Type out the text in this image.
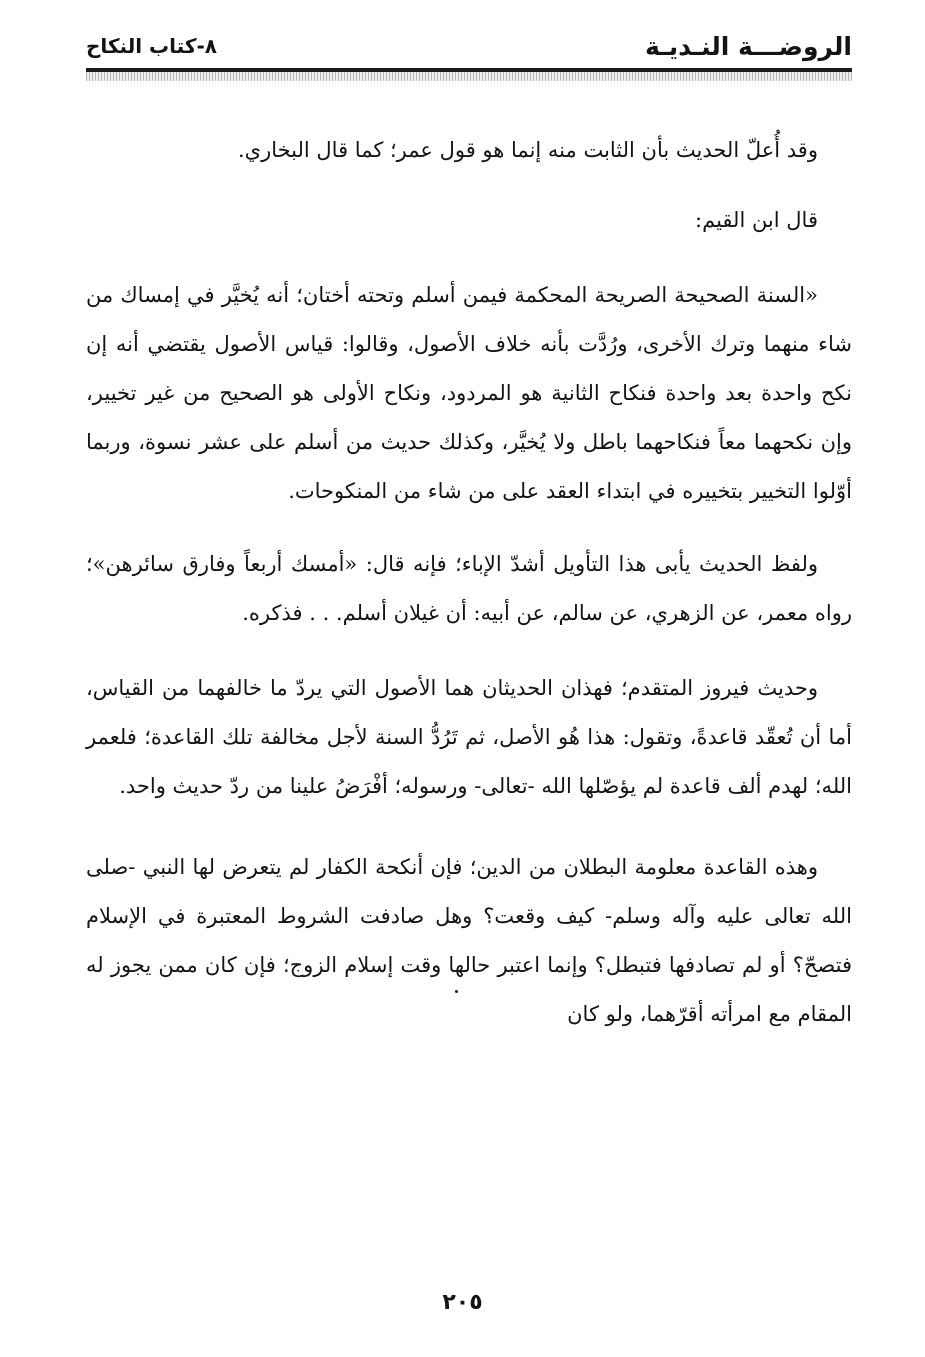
الروضـــة النـديـة
٨-كتاب النكاح

وقد أُعلّ الحديث بأن الثابت منه إنما هو قول عمر؛ كما قال البخاري.

قال ابن القيم:

«السنة الصحيحة الصريحة المحكمة فيمن أسلم وتحته أختان؛ أنه يُخيَّر في إمساك من شاء منهما وترك الأخرى، ورُدَّت بأنه خلاف الأصول، وقالوا: قياس الأصول يقتضي أنه إن نكح واحدة بعد واحدة فنكاح الثانية هو المردود، ونكاح الأولى هو الصحيح من غير تخيير، وإن نكحهما معاً فنكاحهما باطل ولا يُخيَّر، وكذلك حديث من أسلم على عشر نسوة، وربما أوّلوا التخيير بتخييره في ابتداء العقد على من شاء من المنكوحات.

ولفظ الحديث يأبى هذا التأويل أشدّ الإباء؛ فإنه قال: «أمسك أربعاً وفارق سائرهن»؛ رواه معمر، عن الزهري، عن سالم، عن أبيه: أن غيلان أسلم. . . فذكره.

وحديث فيروز المتقدم؛ فهذان الحديثان هما الأصول التي يردّ ما خالفهما من القياس، أما أن تُعقّد قاعدةً، وتقول: هذا هُو الأصل، ثم تَرُدُّ السنة لأجل مخالفة تلك القاعدة؛ فلعمر الله؛ لهدم ألف قاعدة لم يؤصّلها الله -تعالى- ورسوله؛ أفْرَضُ علينا من ردّ حديث واحد.

وهذه القاعدة معلومة البطلان من الدين؛ فإن أنكحة الكفار لم يتعرض لها النبي -صلى الله تعالى عليه وآله وسلم- كيف وقعت؟ وهل صادفت الشروط المعتبرة في الإسلام فتصحّ؟ أو لم تصادفها فتبطل؟ وإنما اعتبر حالها وقت إسلام الزوج؛ فإن كان ممن يجوز له المقام مع امرأته أقرّهما، ولو كان

٢٠٥
